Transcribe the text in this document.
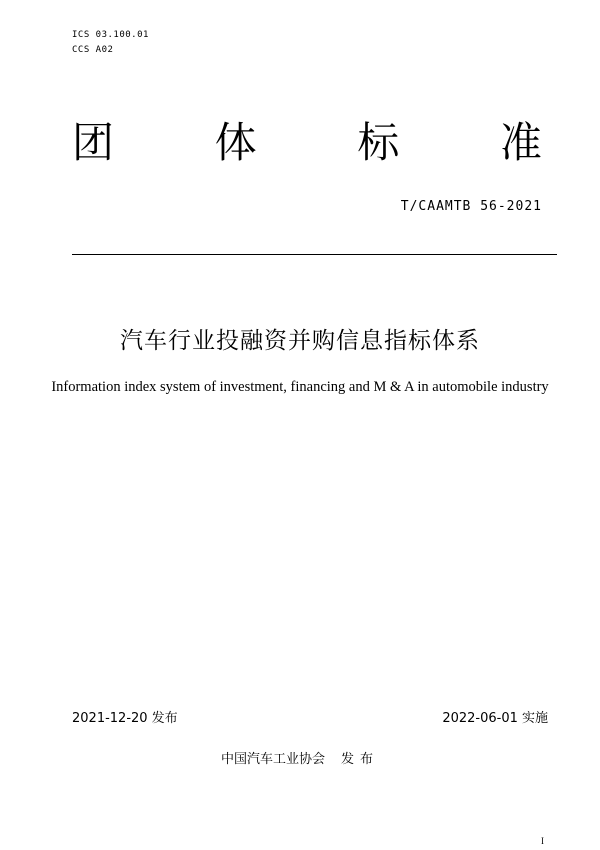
ICS 03.100.01
CCS A02
团 体 标 准
T/CAAMTB 56-2021
汽车行业投融资并购信息指标体系
Information index system of investment, financing and M & A in automobile industry
2021-12-20 发布	2022-06-01 实施
中国汽车工业协会 发布
I
